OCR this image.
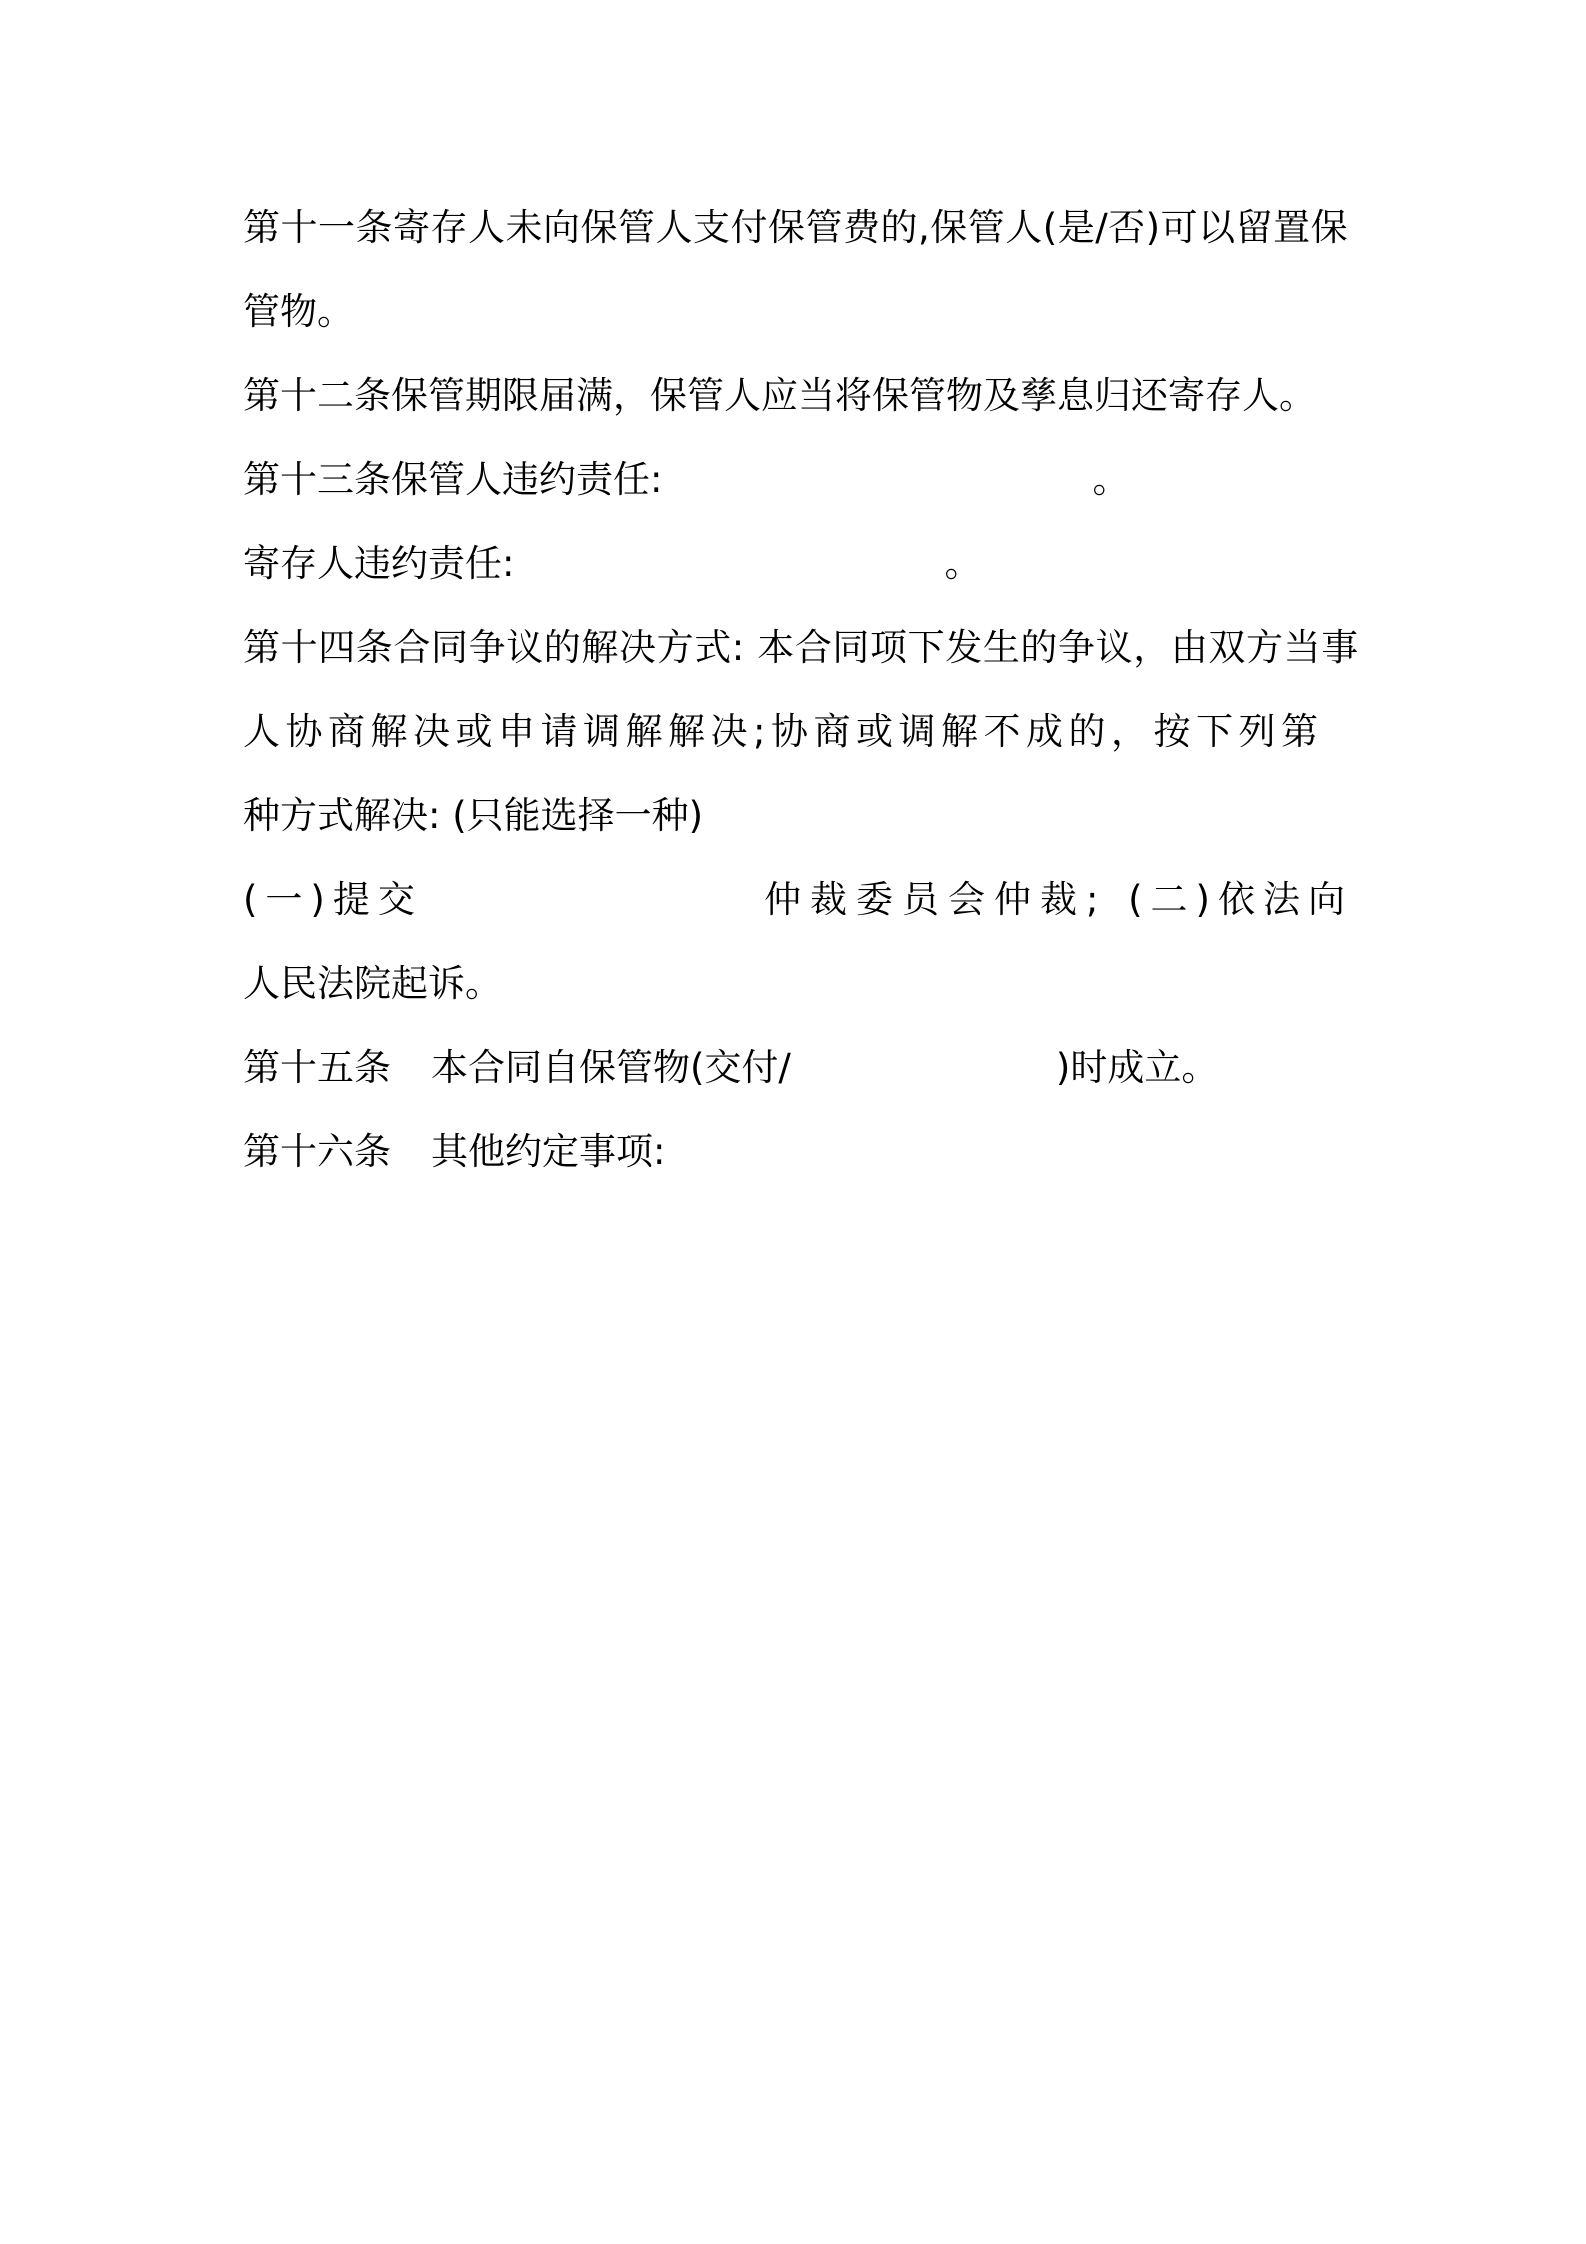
第十一条寄存人未向保管人支付保管费的,保管人(是/否)可以留置保
管物。
第十二条保管期限届满，保管人应当将保管物及孳息归还寄存人。
第十三条保管人违约责任:	。
寄存人违约责任:	。
第十四条合同争议的解决方式: 本合同项下发生的争议，由双方当事
人协商解决或申请调解解决;协商或调解不成的，按下列第
种方式解决: (只能选择一种)
(一)提交	仲裁委员会仲裁; (二)依法向
人民法院起诉。
第十五条 本合同自保管物(交付/	)时成立。
第十六条 其他约定事项:
